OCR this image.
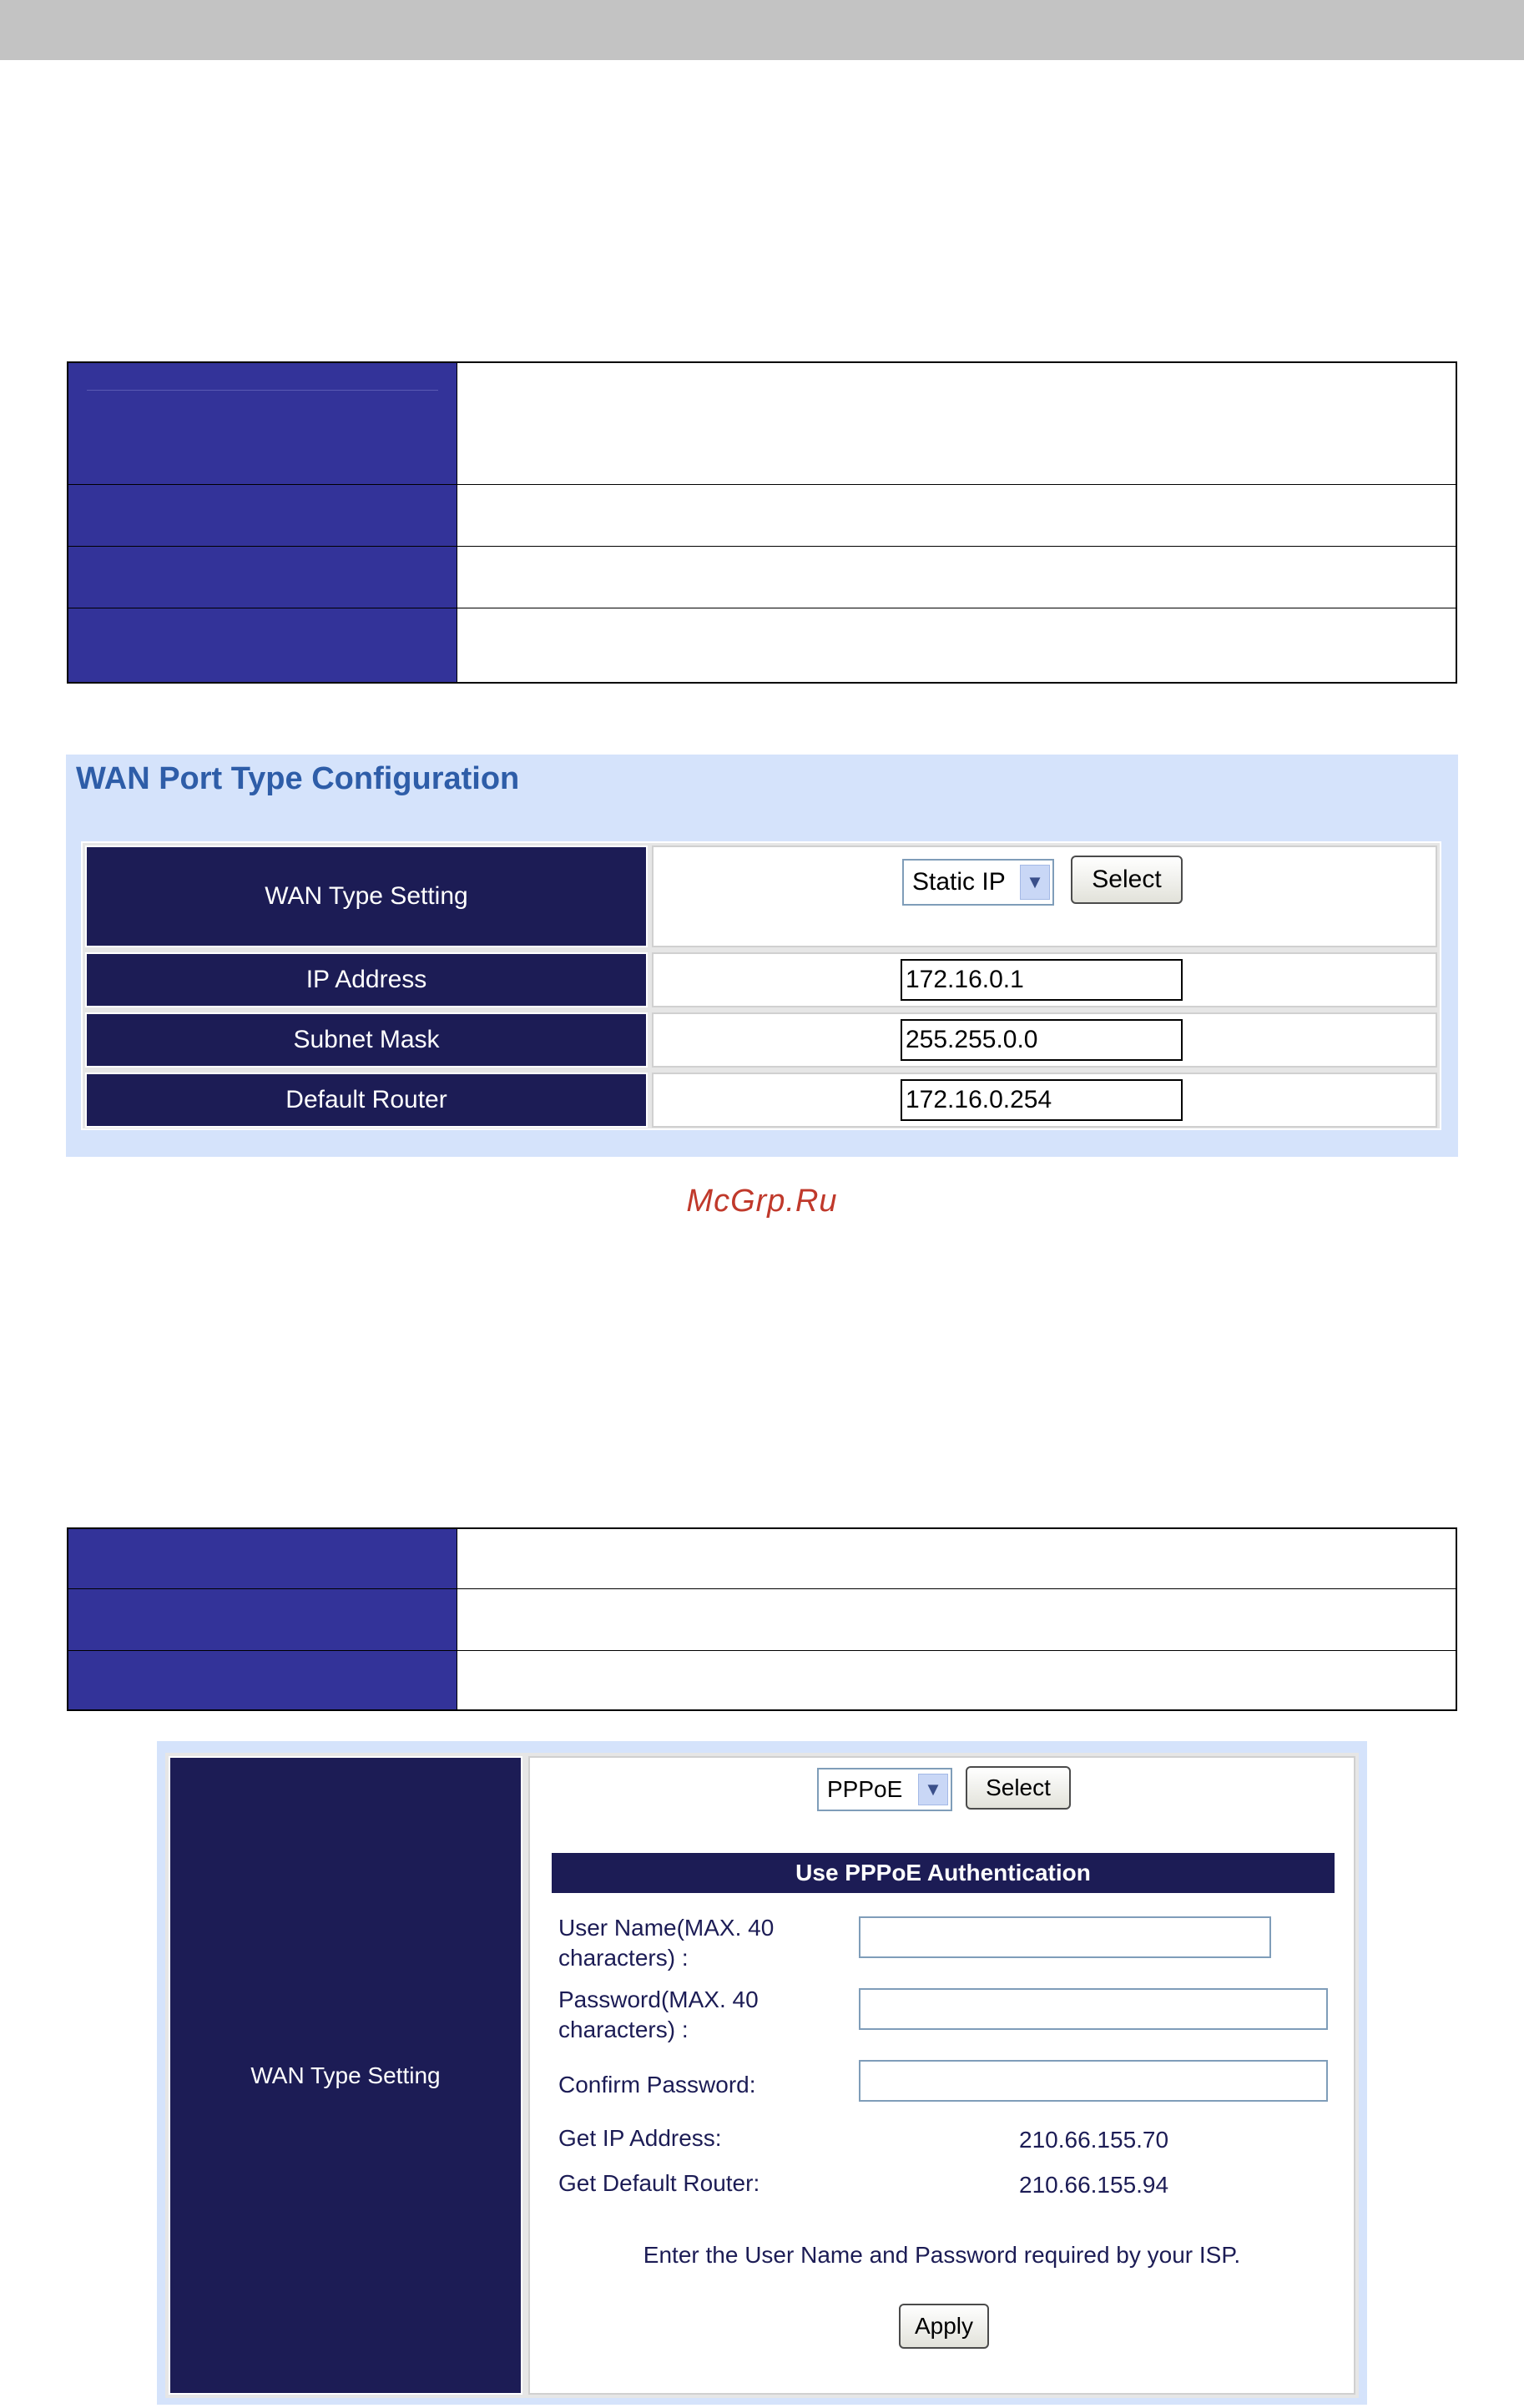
WAN Port Type Configuration
WAN Type Setting
Static IP	▼	Select
IP Address	172.16.0.1
Subnet Mask	255.255.0.0
Default Router	172.16.0.254
McGrp.Ru
WAN Type Setting
PPPoE	▼	Select
Use PPPoE Authentication
User Name(MAX. 40
characters) :
Password(MAX. 40
characters) :
Confirm Password:
Get IP Address:	210.66.155.70
Get Default Router:	210.66.155.94
Enter the User Name and Password required by your ISP.
Apply
